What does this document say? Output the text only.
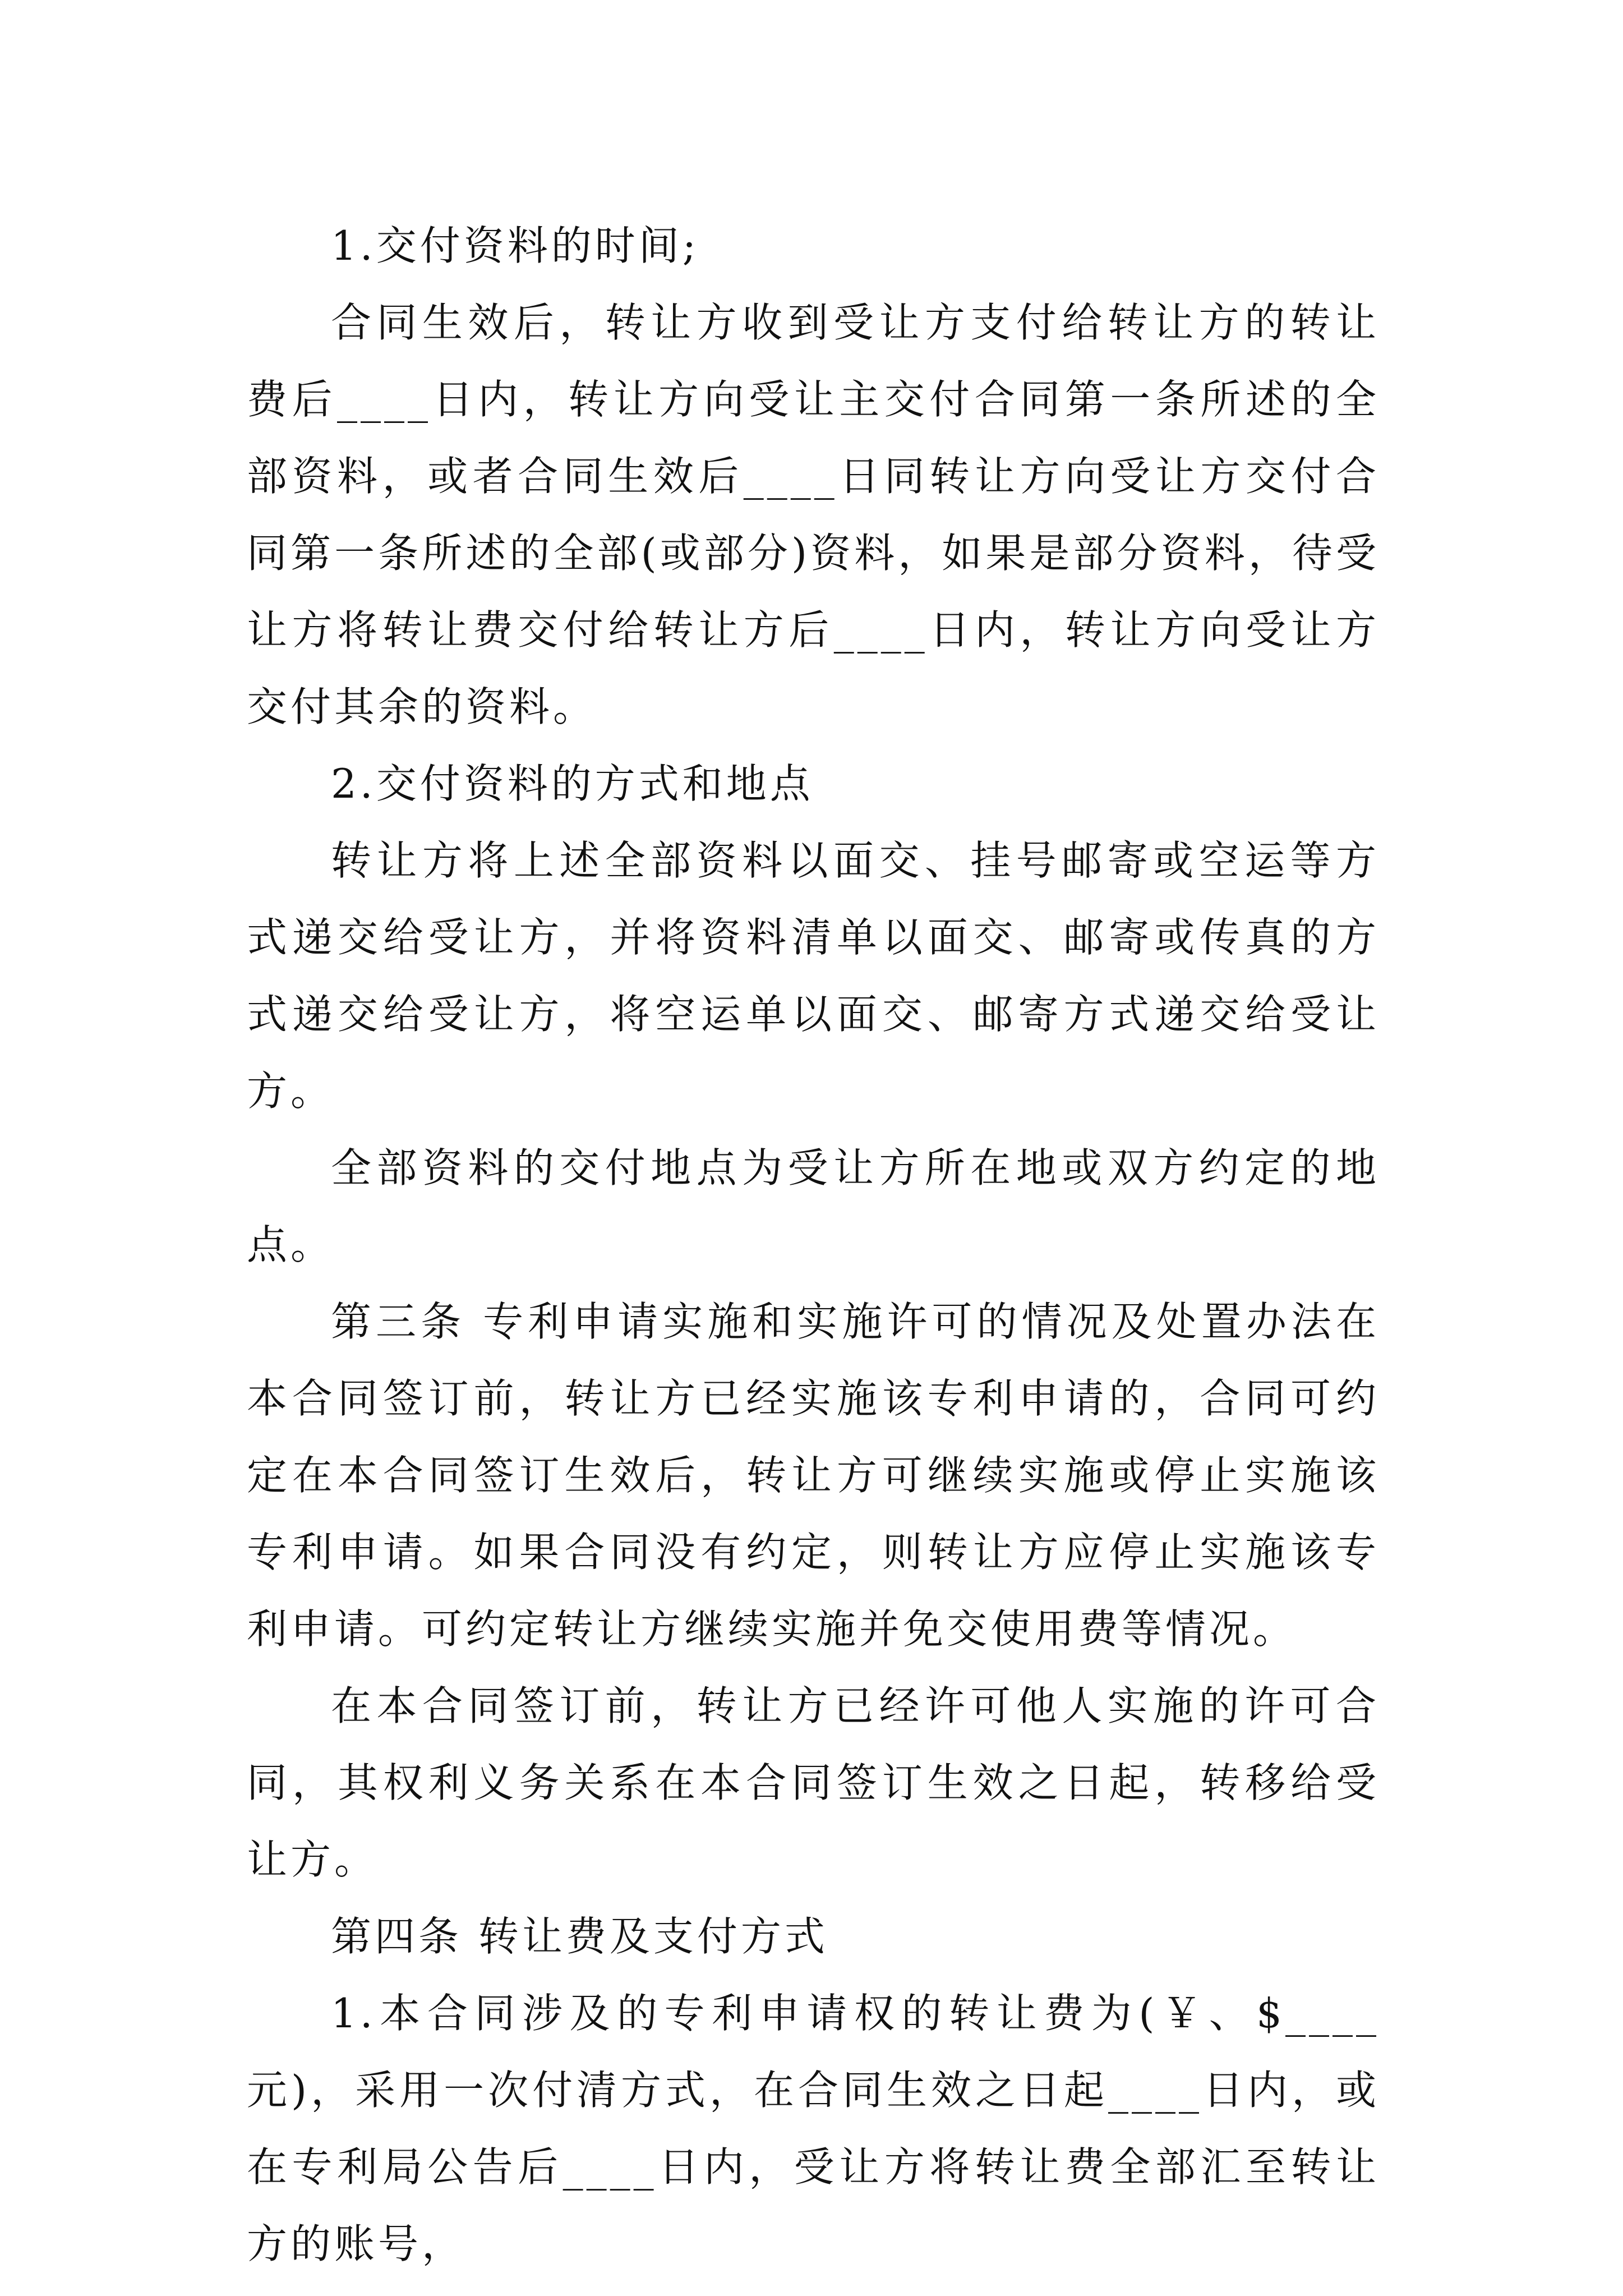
1.交付资料的时间;

合同生效后，转让方收到受让方支付给转让方的转让费后____日内，转让方向受让主交付合同第一条所述的全部资料，或者合同生效后____日同转让方向受让方交付合同第一条所述的全部(或部分)资料，如果是部分资料，待受让方将转让费交付给转让方后____日内，转让方向受让方交付其余的资料。

2.交付资料的方式和地点

转让方将上述全部资料以面交、挂号邮寄或空运等方式递交给受让方，并将资料清单以面交、邮寄或传真的方式递交给受让方，将空运单以面交、邮寄方式递交给受让方。

全部资料的交付地点为受让方所在地或双方约定的地点。

第三条 专利申请实施和实施许可的情况及处置办法在本合同签订前，转让方已经实施该专利申请的，合同可约定在本合同签订生效后，转让方可继续实施或停止实施该专利申请。如果合同没有约定，则转让方应停止实施该专利申请。可约定转让方继续实施并免交使用费等情况。

在本合同签订前，转让方已经许可他人实施的许可合同，其权利义务关系在本合同签订生效之日起，转移给受让方。

第四条 转让费及支付方式

1.本合同涉及的专利申请权的转让费为(￥、$____元)，采用一次付清方式，在合同生效之日起____日内，或在专利局公告后____日内，受让方将转让费全部汇至转让方的账号，
